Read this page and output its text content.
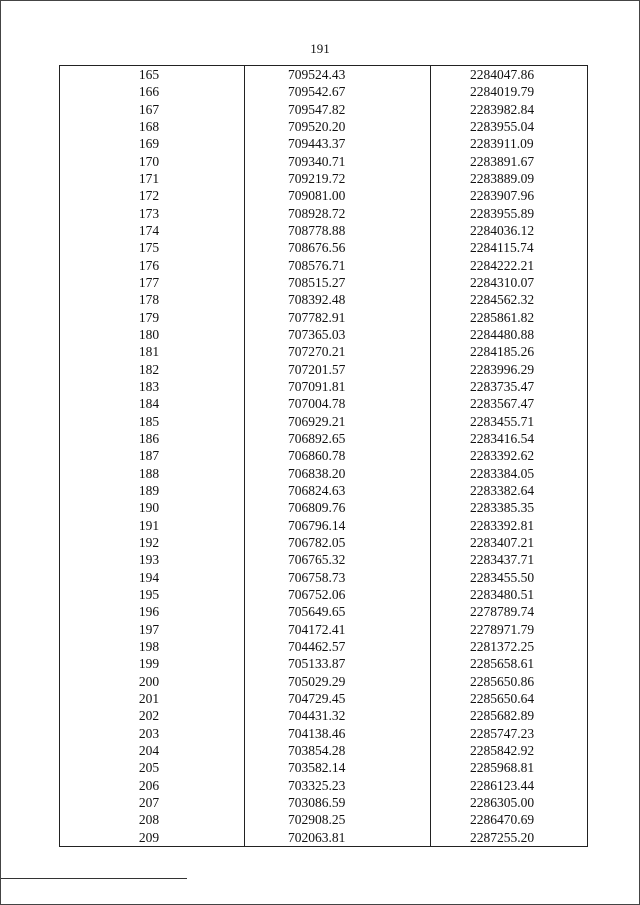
191
165	709524.43	2284047.86
166	709542.67	2284019.79
167	709547.82	2283982.84
168	709520.20	2283955.04
169	709443.37	2283911.09
170	709340.71	2283891.67
171	709219.72	2283889.09
172	709081.00	2283907.96
173	708928.72	2283955.89
174	708778.88	2284036.12
175	708676.56	2284115.74
176	708576.71	2284222.21
177	708515.27	2284310.07
178	708392.48	2284562.32
179	707782.91	2285861.82
180	707365.03	2284480.88
181	707270.21	2284185.26
182	707201.57	2283996.29
183	707091.81	2283735.47
184	707004.78	2283567.47
185	706929.21	2283455.71
186	706892.65	2283416.54
187	706860.78	2283392.62
188	706838.20	2283384.05
189	706824.63	2283382.64
190	706809.76	2283385.35
191	706796.14	2283392.81
192	706782.05	2283407.21
193	706765.32	2283437.71
194	706758.73	2283455.50
195	706752.06	2283480.51
196	705649.65	2278789.74
197	704172.41	2278971.79
198	704462.57	2281372.25
199	705133.87	2285658.61
200	705029.29	2285650.86
201	704729.45	2285650.64
202	704431.32	2285682.89
203	704138.46	2285747.23
204	703854.28	2285842.92
205	703582.14	2285968.81
206	703325.23	2286123.44
207	703086.59	2286305.00
208	702908.25	2286470.69
209	702063.81	2287255.20
